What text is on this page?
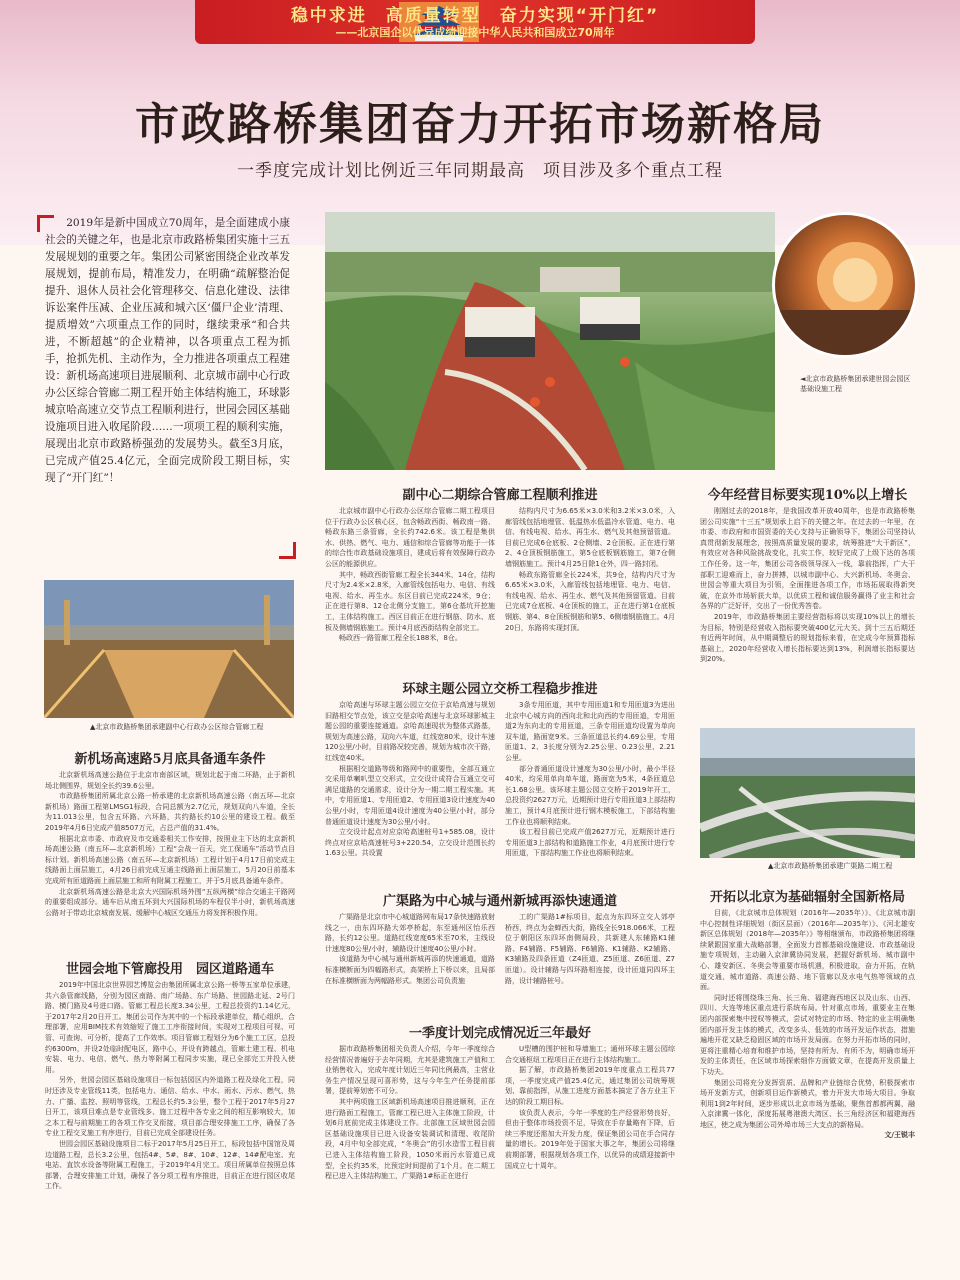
稳中求进　高质量转型　奋力实现“开门红”
——北京国企以优异成绩迎接中华人民共和国成立70周年
市政路桥集团奋力开拓市场新格局
一季度完成计划比例近三年同期最高　项目涉及多个重点工程

2019年是新中国成立70周年，是全面建成小康社会的关键之年，也是北京市政路桥集团实施十三五发展规划的重要之年。集团公司紧密围绕企业改革发展规划，提前布局，精准发力，在明确“疏解整治促提升、退休人员社会化管理移交、信息化建设、法律诉讼案件压减、企业压减和城六区‘僵尸企业’清理、提质增效”六项重点工作的同时，继续秉承“和合共进，不断超越”的企业精神，以各项重点工程为抓手，抢抓先机、主动作为，全力推进各项重点工程建设：新机场高速项目进展顺利、北京城市副中心行政办公区综合管廊二期工程开始主体结构施工，环球影城京哈高速立交节点工程顺利进行，世园会园区基础设施项目进入收尾阶段……一项项工程的顺利实施，展现出北京市政路桥强劲的发展势头。截至3月底，已完成产值25.4亿元，全面完成阶段工期目标，实现了“开门红”！

◄北京市政路桥集团承建世园会园区基础设施工程
▲北京市政路桥集团承建副中心行政办公区综合管廊工程
▲北京市政路桥集团承建广渠路二期工程
新机场高速路5月底具备通车条件

北京新机场高速公路位于北京市南部区域，规划北起于南二环路，止于新机场北侧围界，规划全长约39.6公里。

市政路桥集团所属北京公路一桥承建的北京新机场高速公路（南五环—北京新机场）路面工程第LMSG1标段，合同总额为2.7亿元，规划双向八车道，全长为11.013公里，包含五环路、六环路，共约路长约10公里的建设工程。截至2019年4月6日完成产值8507万元，占总产值的31.4%。

根据北京市委、市政府及市交通委相关工作安排，按照业主下达的北京新机场高速公路（南五环—北京新机场）工程“会战一百天，完工保通车”活动节点目标计划。新机场高速公路（南五环—北京新机场）工程计划于4月17日前完成主线路面上面层施工，4月26日前完成互通主线路面上面层施工，5月20日前基本完成所有匝道路面上面层施工和所有附属工程施工，并于5月底具备通车条件。

北京新机场高速公路是北京大兴国际机场外围“五纵两横”综合交通主干路网的重要组成部分。通车后从南五环到大兴国际机场的车程仅半小时，新机场高速公路对于带动北京城南发展、缓解中心城区交通压力将发挥积极作用。

世园会地下管廊投用　园区道路通车

2019年中国北京世界园艺博览会由集团所属北京公路一桥等五家单位承建，共六条管廊线路，分别为园区南路、南广场路、东广场路、世园路北延、2号门路、横门路及4号进口路。管廊工程总长度3.34公里，工程总投资约1.14亿元，于2017年2月20日开工。集团公司作为其中的一个标段承建单位，精心组织、合理部署，应用BIM技术有效缩短了施工工序衔接时间，实现对工程项目可视、可管、可查询、可分析，提高了工作效率。项目管廊工程划分为6个施工工区，总投约6300m，并设2处临时配电区，路中心，并设有跨越点，管廊土建工程、机电安装、电力、电信、燃气、热力等附属工程同步实施，现已全部完工并投入使用。

另外，世园会园区基础设施项目一标包括园区内外道路工程及绿化工程，同时还涉及专业管线11类，包括电力、通信、给水、中水、雨水、污水、燃气、热力、广播、监控、照明等管线，工程总长约5.3公里，整个工程于2017年5月27日开工，该项目难点是专业管线多、施工过程中各专业之间的相互影响较大，加之本工程与前期施工的各项工作交叉衔接，项目部合理安排施工工序，确保了各专业工程交叉施工有序进行，目前已完成全部建设任务。

世园会园区基础设施项目二标于2017年5月25日开工，标段包括中国馆及周边道路工程，总长3.2公里，包括4#、5#、8#、10#、12#、14#配电室、充电站、直饮水设备等附属工程施工，于2019年4月完工。项目所属单位按照总体部署，合理安排施工计划，确保了各分项工程有序推进，目前正在进行园区收尾工作。

副中心二期综合管廊工程顺利推进

北京城市副中心行政办公区综合管廊二期工程项目位于行政办公区核心区，包含畅政西街、畅政南一路、畅政东路三条管廊，全长约742.6米。该工程是集供水、供热、燃气、电力、通信和综合管廊等功能于一体的综合性市政基础设施项目，建成后将有效保障行政办公区的能源供应。

其中，畅政西街管廊工程全长344米，14仓，结构尺寸为2.4米×2.8米，入廊管线包括电力、电信、有线电视、给水、再生水。东区目前已完成224米，9仓；正在进行第8、12仓北侧分支施工，第6仓基坑开挖施工，主体结构施工。西区目前正在进行钢筋、防水、底板及侧墙钢筋施工。预计4月底西街结构全部完工。

畅政西一路管廊工程全长188米，8仓。

结构内尺寸为6.65米×3.0米和3.2米×3.0米，入廊管线包括地埋管、低温热水低温冷水管道、电力、电信、有线电视、给水、再生水、燃气及其他预留管道。目前已完成6仓底板、2仓侧墙、2仓顶板。正在进行第2、4仓顶板钢筋施工，第5仓底板钢筋施工，第7仓侧墙钢筋施工。预计4月25日除1仓外，四一路封闭。

畅政东路管廊全长224米，共9仓，结构内尺寸为6.65米×3.0米，入廊管线包括地埋管、电力、电信、有线电视、给水、再生水、燃气及其他预留管道。目前已完成7仓底板、4仓顶板的施工，正在进行第1仓底板钢筋、第4、8仓顶板钢筋和第5、6侧墙钢筋施工。4月20日，东路将实现封顶。

环球主题公园立交桥工程稳步推进

京哈高速与环球主题公园立交位于京哈高速与规划旧路相交节点处，该立交是京哈高速与北京环球影城主题公园的重要连接通道。京哈高速现状为整体式路基，规划为高速公路，双向六车道，红线宽80米，设计车速120公里/小时，目前路况较完善，规划为城市次干路，红线宽40米。

根据相交道路等级和路网中的重要性，全部互通立交采用单喇叭型立交形式，立交设计成符合互通立交可满足道路的交通需求，设计分为一期二期工程实施。其中，专用匝道1、专用匝道2、专用匝道3设计速度为40公里/小时，专用匝道4设计速度为40公里/小时，部分普通匝道设计速度为30公里/小时。

立交设计起点对应京哈高速桩号1+585.08，设计终点对应京哈高速桩号3+220.54，立交设计范围长约1.63公里。共设置

3条专用匝道，其中专用匝道1和专用匝道3为进出北京中心城方向的西向北和北向西的专用匝道，专用匝道2为东向北的专用匝道，三条专用匝道均设置为单向双车道，路面宽9米。三条匝道总长约4.69公里，专用匝道1、2、3长度分别为2.25公里、0.23公里、2.21公里。

部分普通匝道设计速度为30公里/小时，最小半径40米，均采用单向单车道，路面宽为5米，4条匝道总长1.68公里。该环球主题公园立交桥于2019年开工，总投资约2627万元，近期预计进行专用匝道3上部结构施工，预计4月底预计进行钢木模板施工，下部结构施工作业也将顺利结束。

该工程目前已完成产值2627万元，近期预计进行专用匝道3上部结构和道路施工作业，4月底预计进行专用匝道，下部结构施工作业也将顺利结束。

广渠路为中心城与通州新城再添快速通道

广渠路是北京市中心城道路网布局17条快速路放射线之一，由东四环路大郊亭桥起，东至通州区怡乐西路，长约12公里。道路红线宽度65米至70米，主线设计速度80公里/小时，辅路设计速度40公里/小时。

该道路为中心城与通州新城再添的快速通道，道路标准横断面为四幅路形式，高架桥上下桥以来，且局部在标准横断面为两幅路形式。集团公司负责施

工的广渠路1#标项目，起点为东四环立交人郊亭桥西，终点为金蝉西大街，路线全长918.066米，工程位于朝阳区东四环南侧局段，共新建人东辅路K1辅路、F4辅路、F5辅路、F6辅路、K1辅路、K2辅路、K3辅路及四条匝道（Z4匝道、Z5匝道、Z6匝道、Z7匝道）。设计辅路与四环路相连接，设计匝道同四环主路，设计辅路桩号。

一季度计划完成情况近三年最好

据市政路桥集团相关负责人介绍，今年一季度综合经营情况普遍好于去年同期，尤其是建筑施工产值和工业销售收入，完成年度计划近三年同比例最高，主营业务生产情况呈现可喜形势，这与今年生产任务提前部署，提前筹划密不可分。

其中两项施工区域新机场高速项目推进顺利，正在进行路面工程施工，管廊工程已进入主体施工阶段，计划6月底前完成主体建设工作。北部施工区域世园会园区基础设施项目已进入设备安装调试和清理、收尾阶段，4月中旬全部完成，“冬奥会”的引水造雪工程目前已进入主体结构施工阶段，1050米雨污水管道已成型，全长约35米，比预定时间提前了1个月。在二期工程已进入主体结构施工，广渠路1#标正在进行

U型槽的围护桩和导墙施工；通州环球主题公园综合交通枢纽工程项目正在进行主体结构施工。

据了解，市政路桥集团2019年度重点工程共77项，一季度完成产值25.4亿元，通过集团公司统筹规划、靠前指挥，从施工进度方面基本搞定了各方业主下达的阶段工期目标。

该负责人表示，今年一季度的生产经营形势良好，但由于整体市场投资不足，导致在手存量略有下降，后续三季度还需加大开发力度，保证集团公司在手合同存量的增长。2019年处于国家大事之年，集团公司将继前期部署，根据规划各项工作，以优异的成绩迎接新中国成立七十周年。

今年经营目标要实现10%以上增长

刚刚过去的2018年，是我国改革开放40周年，也是市政路桥集团公司实施“十三五”规划承上启下的关键之年。在过去的一年里，在市委、市政府和市国资委的关心支持与正确领导下，集团公司坚持认真贯彻新发展理念，按照高质量发展的要求，统筹推进“大干新区”，有效应对各种风险挑战变化，扎实工作，较好完成了上级下达的各项工作任务。这一年，集团公司各级领导深入一线，靠前指挥，广大干部职工迎难而上，奋力拼搏，以城市副中心、大兴新机场、冬奥会、世园会等重大项目为引领，全面推进各项工作，市场拓展取得新突破，在京外市场斩获大单，以优质工程和诚信服务赢得了业主和社会各界的广泛好评，交出了一份优秀答卷。

2019年，市政路桥集团主要经营指标将以实现10%以上的增长为目标，特别是经营收入指标要突破400亿元大关。到十三五后期还有近两年时间，从中期调整后的规划指标来看，在完成今年预算指标基础上，2020年经营收入增长指标要达到13%，利润增长指标要达到20%。

开拓以北京为基础辐射全国新格局

目前，《北京城市总体规划（2016年—2035年）》、《北京城市副中心控制性详细规划（街区层面）（2016年—2035年）》、《河北雄安新区总体规划（2018年—2035年）》等相继颁布，市政路桥集团将继续紧跟国家重大战略部署，全面发力首都基础设施建设、市政基础设施专项规划，主动融入京津冀协同发展，把握好新机场、城市副中心、雄安新区、冬奥会等重要市场机遇，积极进取，奋力开拓，在轨道交通、城市道路、高速公路、地下管廊以及水电气热等领域的点面。

同时还将围绕珠三角、长三角、福建海西地区以及山东、山西、四川、大连等地区重点进行系统布局。针对重点市场，重要业主在集团内部探索集中授权等模式，尝试对特定的市场、特定的业主明确集团内部开发主体的模式，改变多头、低效的市场开发运作状态，措施遍地开花又缺乏稳固区域的市场开发局面。在努力开拓市场的同时，更将注重精心培育和维护市场，坚持有所为、有所不为，明确市场开发的主体责任，在区域市场探索细作方面做文章，在提高开发质量上下功夫。

集团公司将充分发挥资质、品牌和产业链综合优势，积极探索市场开发新方式，创新项目运作新模式，着力开发大市场大项目。争取利用1到2年时间，逐步形成以北京市场为基础，聚焦首都都两翼，融入京津冀一体化，深度拓展粤港澳大湾区、长三角经济区和福建海西地区，使之成为集团公司外埠市场三大支点的新格局。

文/王锐丰
